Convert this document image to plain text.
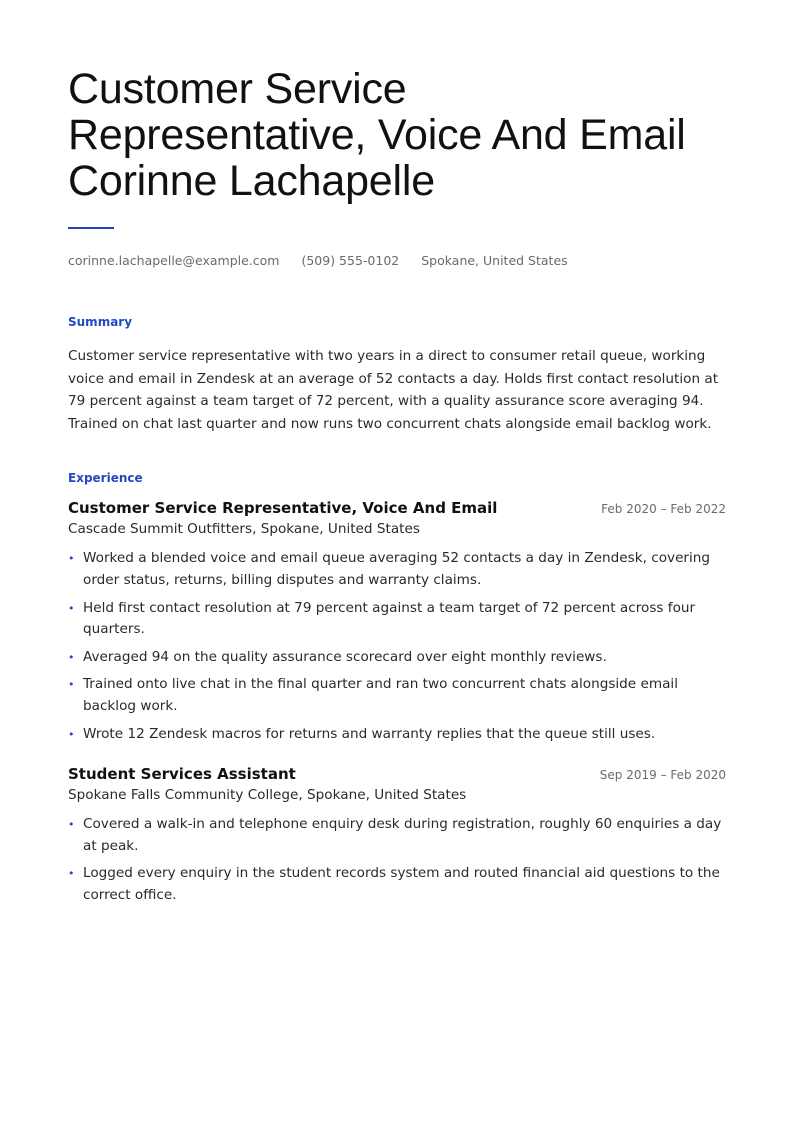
Customer Service
Representative, Voice And Email
Corinne Lachapelle
corinne.lachapelle@example.com (509) 555-0102 Spokane, United States
Summary

Customer service representative with two years in a direct to consumer retail queue, working voice and email in Zendesk at an average of 52 contacts a day. Holds first contact resolution at 79 percent against a team target of 72 percent, with a quality assurance score averaging 94. Trained on chat last quarter and now runs two concurrent chats alongside email backlog work.

Experience
Customer Service Representative, Voice And Email	Feb 2020 – Feb 2022
Cascade Summit Outfitters, Spokane, United States
• Worked a blended voice and email queue averaging 52 contacts a day in Zendesk, covering order status, returns, billing disputes and warranty claims.
• Held first contact resolution at 79 percent against a team target of 72 percent across four quarters.
• Averaged 94 on the quality assurance scorecard over eight monthly reviews.
• Trained onto live chat in the final quarter and ran two concurrent chats alongside email backlog work.
• Wrote 12 Zendesk macros for returns and warranty replies that the queue still uses.
Student Services Assistant	Sep 2019 – Feb 2020
Spokane Falls Community College, Spokane, United States
• Covered a walk-in and telephone enquiry desk during registration, roughly 60 enquiries a day at peak.
• Logged every enquiry in the student records system and routed financial aid questions to the correct office.
